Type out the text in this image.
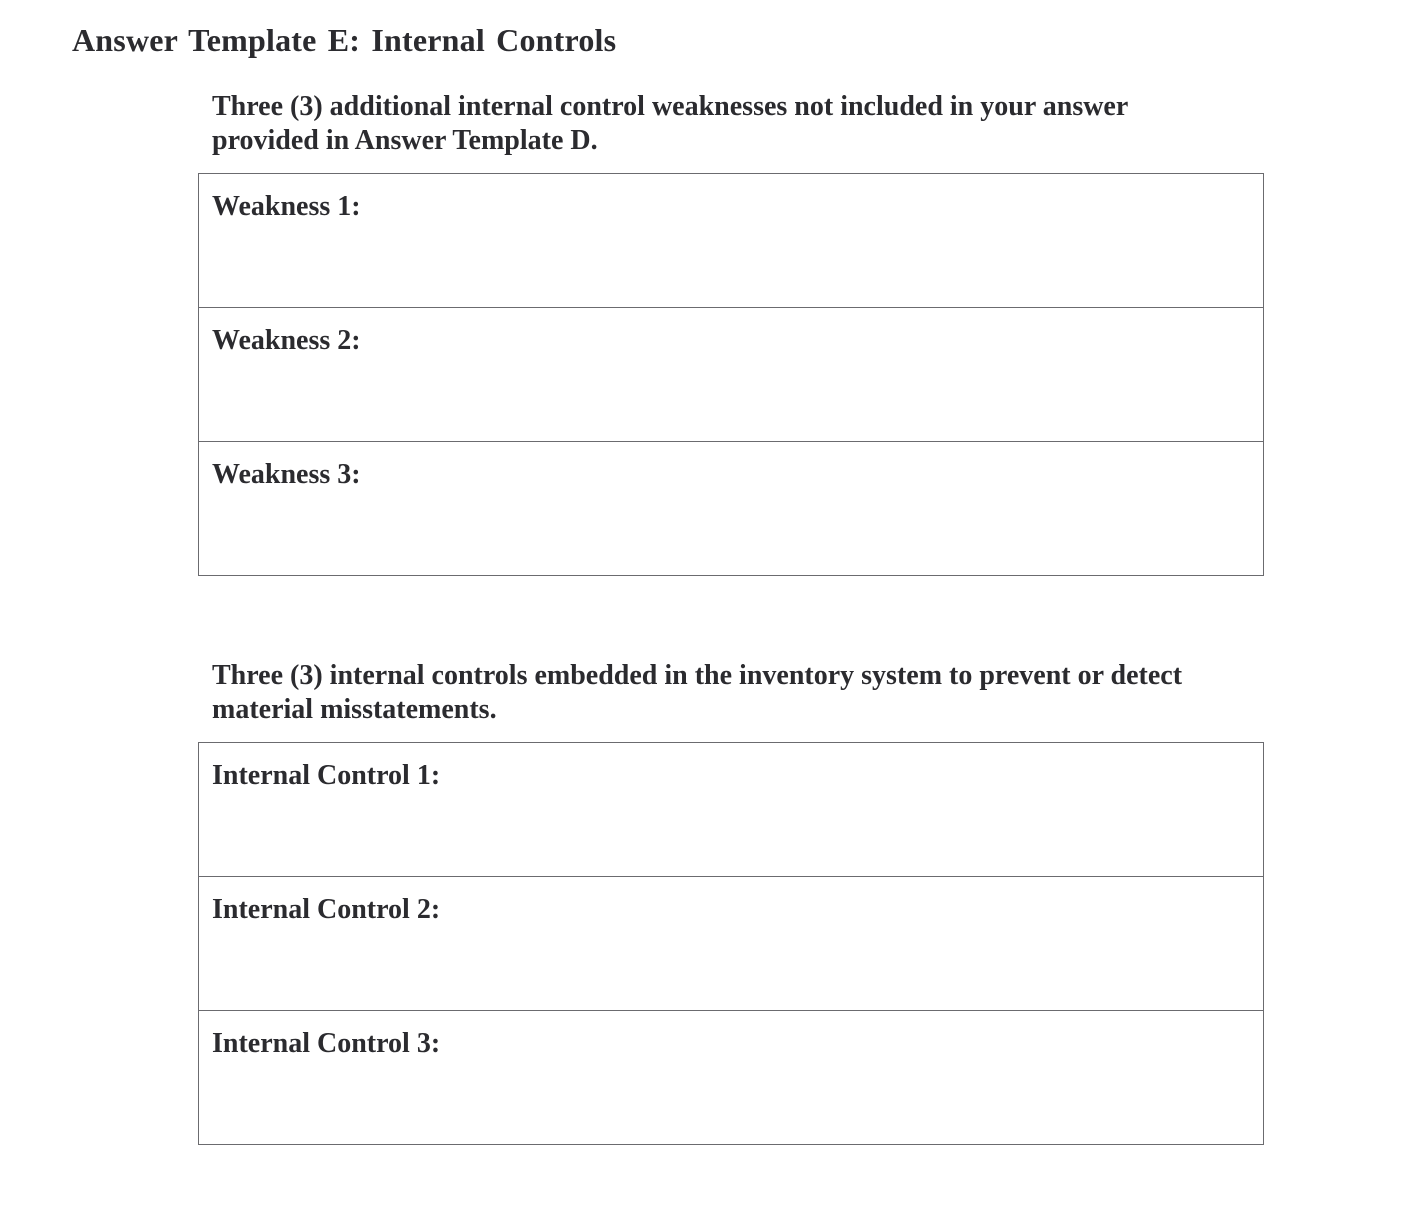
Answer Template E: Internal Controls

Three (3) additional internal control weaknesses not included in your answer provided in Answer Template D.

Weakness 1:

Weakness 2:

Weakness 3:

Three (3) internal controls embedded in the inventory system to prevent or detect material misstatements.

Internal Control 1:

Internal Control 2:

Internal Control 3:
